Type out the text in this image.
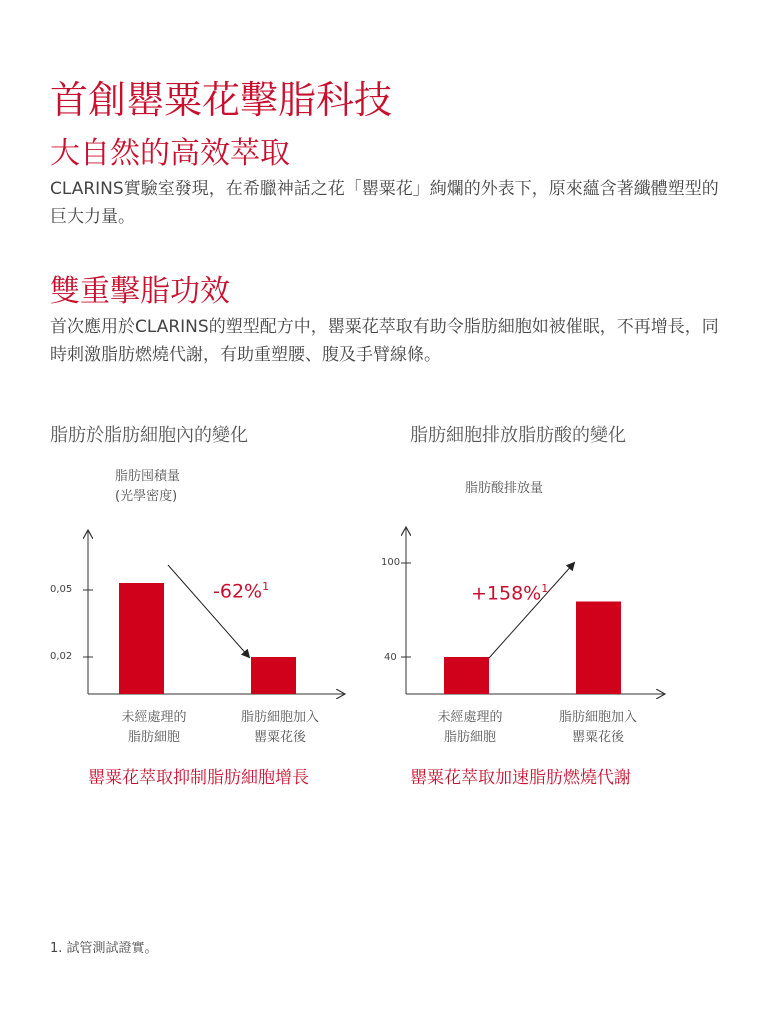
首創罌粟花擊脂科技
大自然的高效萃取
CLARINS實驗室發現，在希臘神話之花「罌粟花」絢爛的外表下，原來蘊含著纖體塑型的巨大力量。
雙重擊脂功效
首次應用於CLARINS的塑型配方中，罌粟花萃取有助令脂肪細胞如被催眠，不再增長，同時刺激脂肪燃燒代謝，有助重塑腰、腹及手臂線條。
脂肪於脂肪細胞內的變化
脂肪囤積量
(光學密度)
0,05
0,02
-62%$^1$
未經處理的
脂肪細胞
脂肪細胞加入
罌粟花後
罌粟花萃取抑制脂肪細胞增長
脂肪細胞排放脂肪酸的變化
脂肪酸排放量
100
40
+158%$^1$
未經處理的
脂肪細胞
脂肪細胞加入
罌粟花後
罌粟花萃取加速脂肪燃燒代謝
1. 試管測試證實。
